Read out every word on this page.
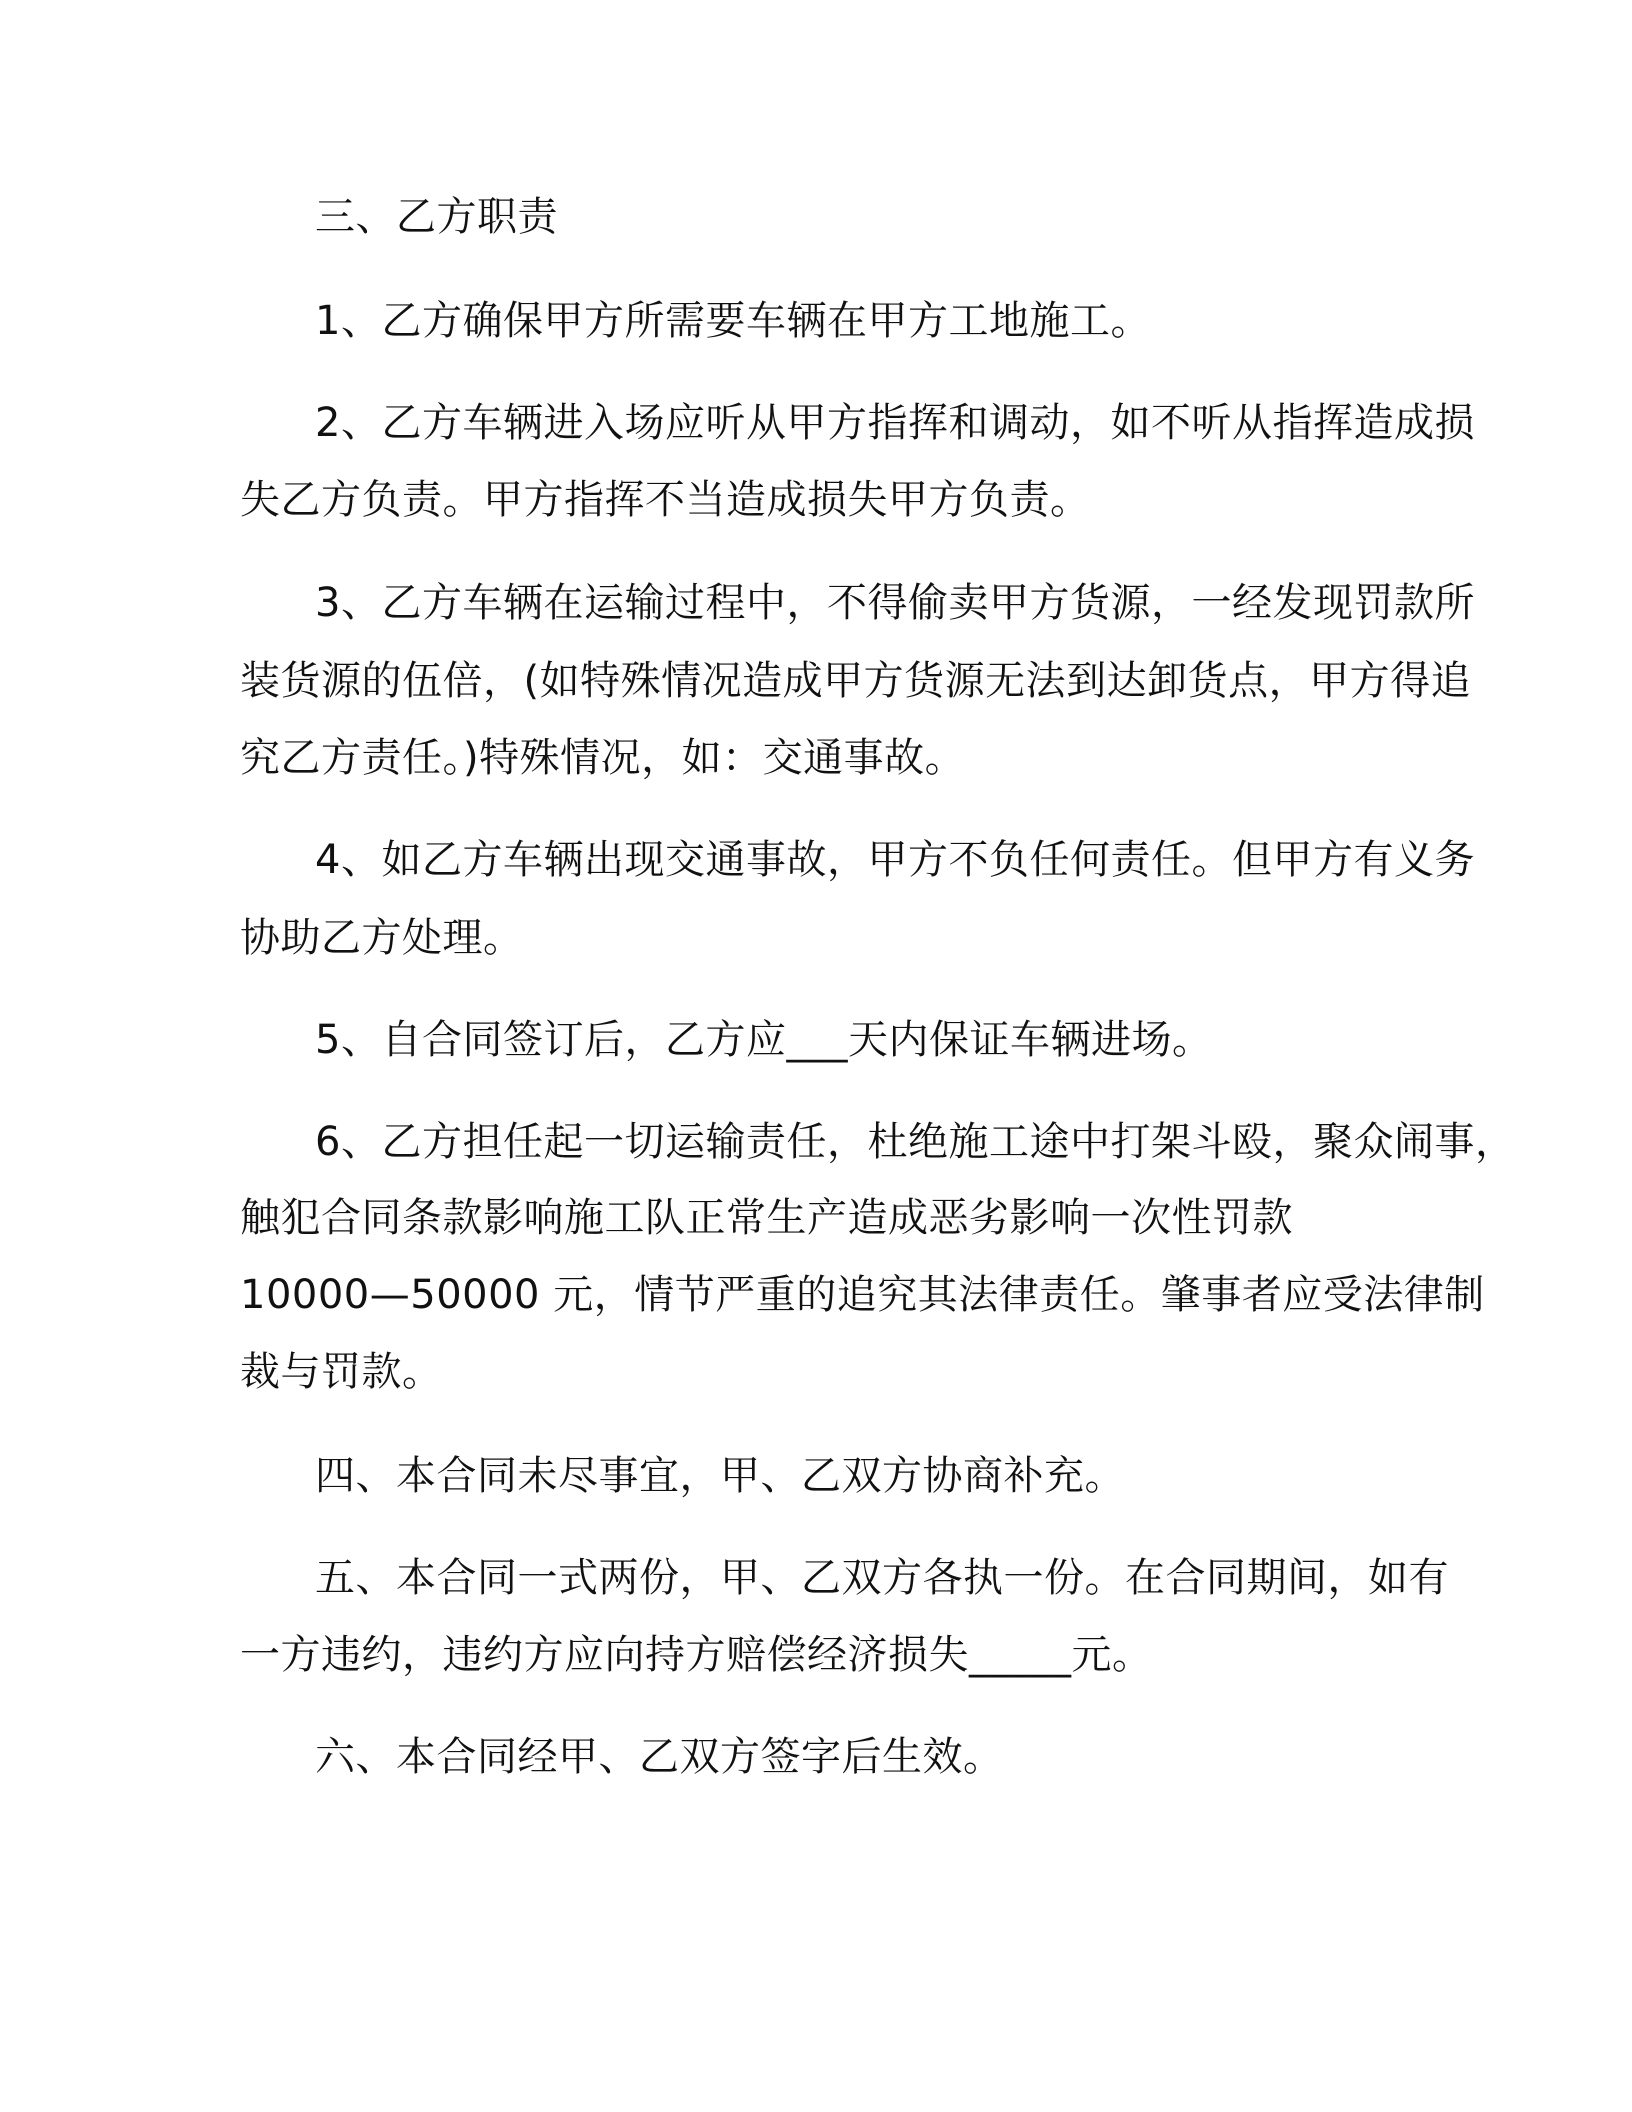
三、乙方职责
1、乙方确保甲方所需要车辆在甲方工地施工。
2、乙方车辆进入场应听从甲方指挥和调动，如不听从指挥造成损
失乙方负责。甲方指挥不当造成损失甲方负责。
3、乙方车辆在运输过程中，不得偷卖甲方货源，一经发现罚款所
装货源的伍倍，(如特殊情况造成甲方货源无法到达卸货点，甲方得追
究乙方责任。)特殊情况，如：交通事故。
4、如乙方车辆出现交通事故，甲方不负任何责任。但甲方有义务
协助乙方处理。
5、自合同签订后，乙方应___天内保证车辆进场。
6、乙方担任起一切运输责任，杜绝施工途中打架斗殴，聚众闹事，
触犯合同条款影响施工队正常生产造成恶劣影响一次性罚款
10000—50000 元，情节严重的追究其法律责任。肇事者应受法律制
裁与罚款。
四、本合同未尽事宜，甲、乙双方协商补充。
五、本合同一式两份，甲、乙双方各执一份。在合同期间，如有
一方违约，违约方应向持方赔偿经济损失_____元。
六、本合同经甲、乙双方签字后生效。
